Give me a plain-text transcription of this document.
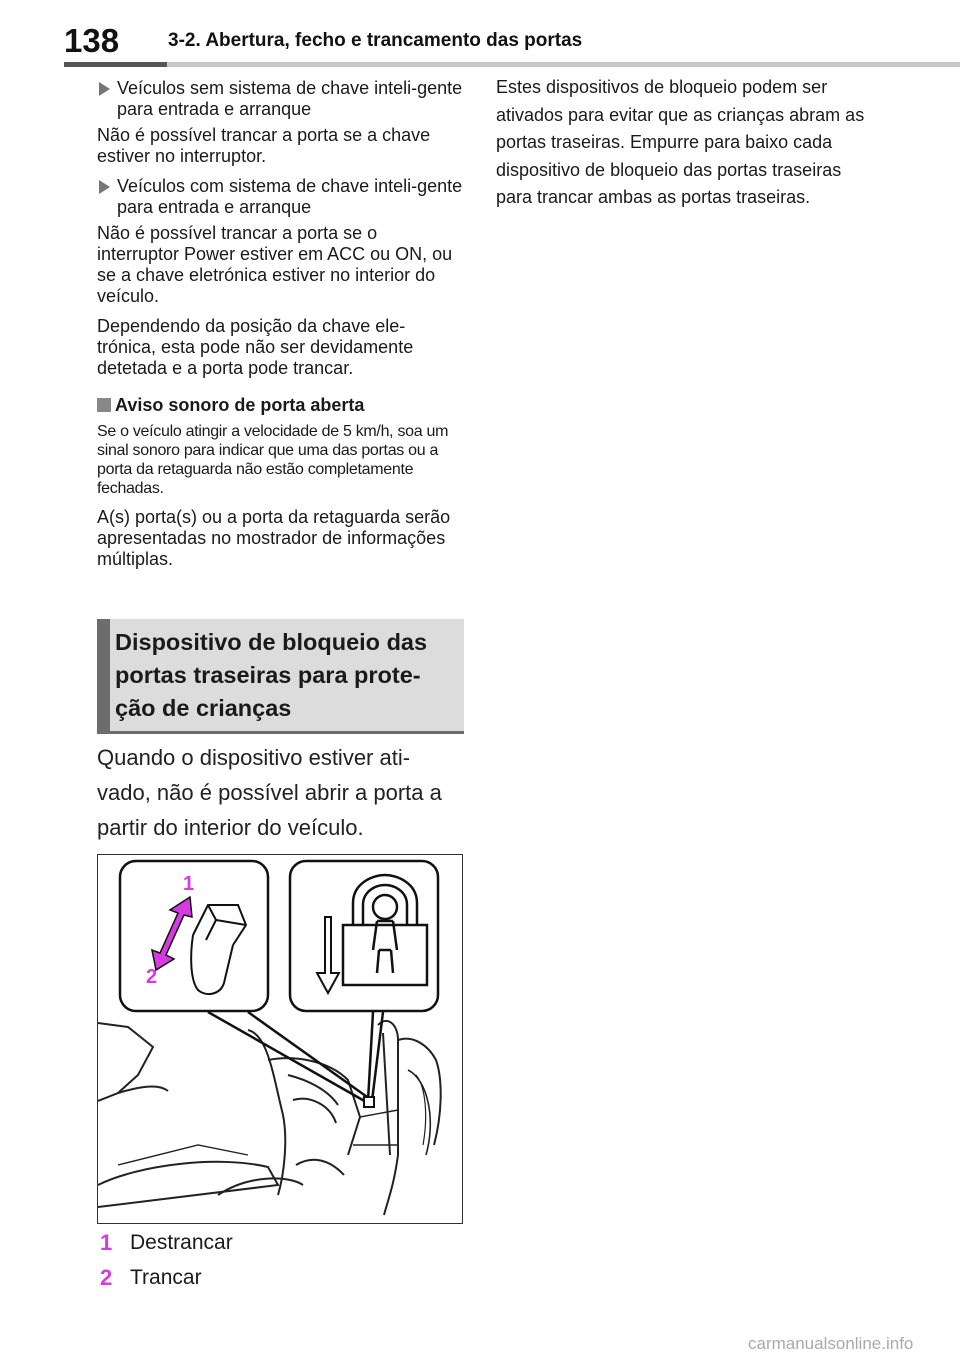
138	3-2. Abertura, fecho e trancamento das portas
Veículos sem sistema de chave inteli-gente para entrada e arranque

Não é possível trancar a porta se a chave estiver no interruptor.

Veículos com sistema de chave inteli-gente para entrada e arranque

Não é possível trancar a porta se o interruptor Power estiver em ACC ou ON, ou se a chave eletrónica estiver no interior do veículo.

Dependendo da posição da chave ele-trónica, esta pode não ser devidamente detetada e a porta pode trancar.

Aviso sonoro de porta aberta

Se o veículo atingir a velocidade de 5 km/h, soa um sinal sonoro para indicar que uma das portas ou a porta da retaguarda não estão completamente fechadas.

A(s) porta(s) ou a porta da retaguarda serão apresentadas no mostrador de informações múltiplas.

Dispositivo de bloqueio das portas traseiras para prote-ção de crianças

Quando o dispositivo estiver ati-vado, não é possível abrir a porta a partir do interior do veículo.

1
2
1 Destrancar
2 Trancar

Estes dispositivos de bloqueio podem ser ativados para evitar que as crianças abram as portas traseiras. Empurre para baixo cada dispositivo de bloqueio das portas traseiras para trancar ambas as portas traseiras.

carmanualsonline.info
